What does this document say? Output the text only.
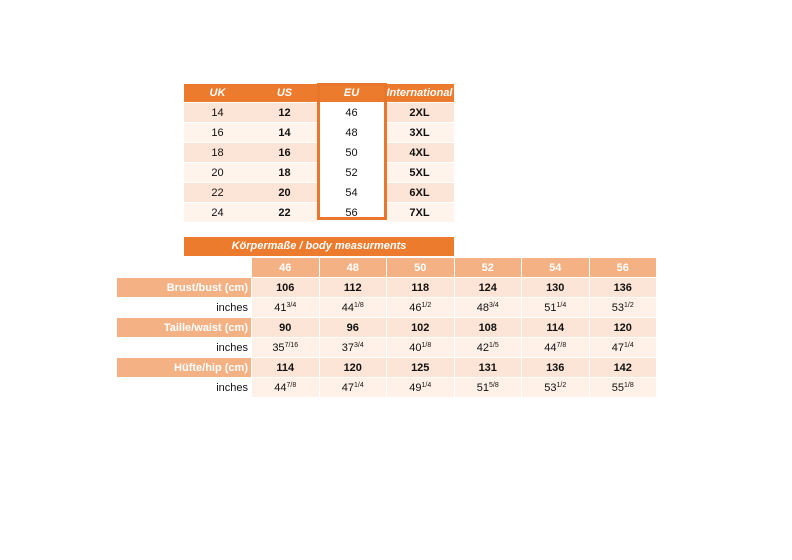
UK	US	EU	International
14	12	46	2XL
16	14	48	3XL
18	16	50	4XL
20	18	52	5XL
22	20	54	6XL
24	22	56	7XL
Körpermaße / body measurments
	46	48	50	52	54	56
Brust/bust (cm)	106	112	118	124	130	136
inches	$41^{3/4}$	$44^{1/8}$	$46^{1/2}$	$48^{3/4}$	$51^{1/4}$	$53^{1/2}$
Taille/waist (cm)	90	96	102	108	114	120
inches	$35^{7/16}$	$37^{3/4}$	$40^{1/8}$	$42^{1/5}$	$44^{7/8}$	$47^{1/4}$
Hüfte/hip (cm)	114	120	125	131	136	142
inches	$44^{7/8}$	$47^{1/4}$	$49^{1/4}$	$51^{5/8}$	$53^{1/2}$	$55^{1/8}$
